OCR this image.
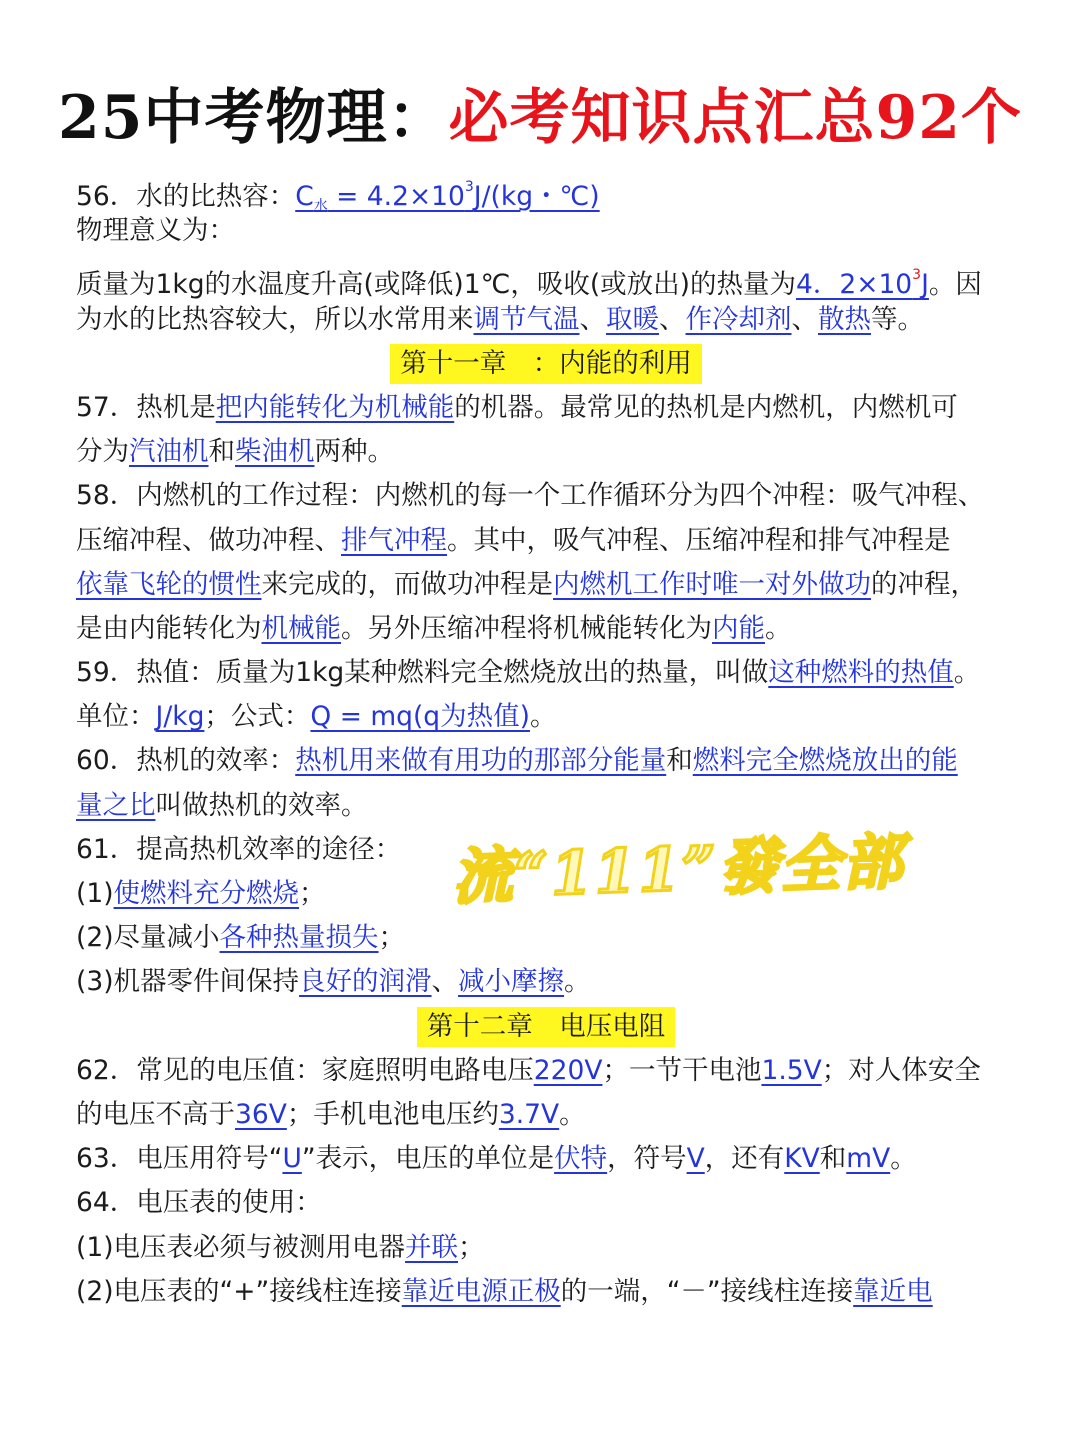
25中考物理：必考知识点汇总92个
56．水的比热容：$C_水 = 4.2\times 10^3J/(kg$・℃)
物理意义为：
质量为1kg的水温度升高(或降低)1℃，吸收(或放出)的热量为4．$2\times 10^3J$。因
为水的比热容较大，所以水常用来调节气温、取暖、作冷却剂、散热等。
第十一章　：内能的利用
57．热机是把内能转化为机械能的机器。最常见的热机是内燃机，内燃机可
分为汽油机和柴油机两种。
58．内燃机的工作过程：内燃机的每一个工作循环分为四个冲程：吸气冲程、
压缩冲程、做功冲程、排气冲程。其中，吸气冲程、压缩冲程和排气冲程是
依靠飞轮的惯性来完成的，而做功冲程是内燃机工作时唯一对外做功的冲程，
是由内能转化为机械能。另外压缩冲程将机械能转化为内能。
59．热值：质量为1kg某种燃料完全燃烧放出的热量，叫做这种燃料的热值。
单位：J/kg；公式：Q = mq(q为热值)。
60．热机的效率：热机用来做有用功的那部分能量和燃料完全燃烧放出的能
量之比叫做热机的效率。
61．提高热机效率的途径：
(1)使燃料充分燃烧；
(2)尽量减小各种热量损失；
(3)机器零件间保持良好的润滑、减小摩擦。
第十二章　电压电阻
62．常见的电压值：家庭照明电路电压220V；一节干电池1.5V；对人体安全
的电压不高于36V；手机电池电压约3.7V。
63．电压用符号“U”表示，电压的单位是伏特，符号V，还有KV和mV。
64．电压表的使用：
(1)电压表必须与被测用电器并联；
(2)电压表的“+”接线柱连接靠近电源正极的一端，“－”接线柱连接靠近电
流“111”發全部
